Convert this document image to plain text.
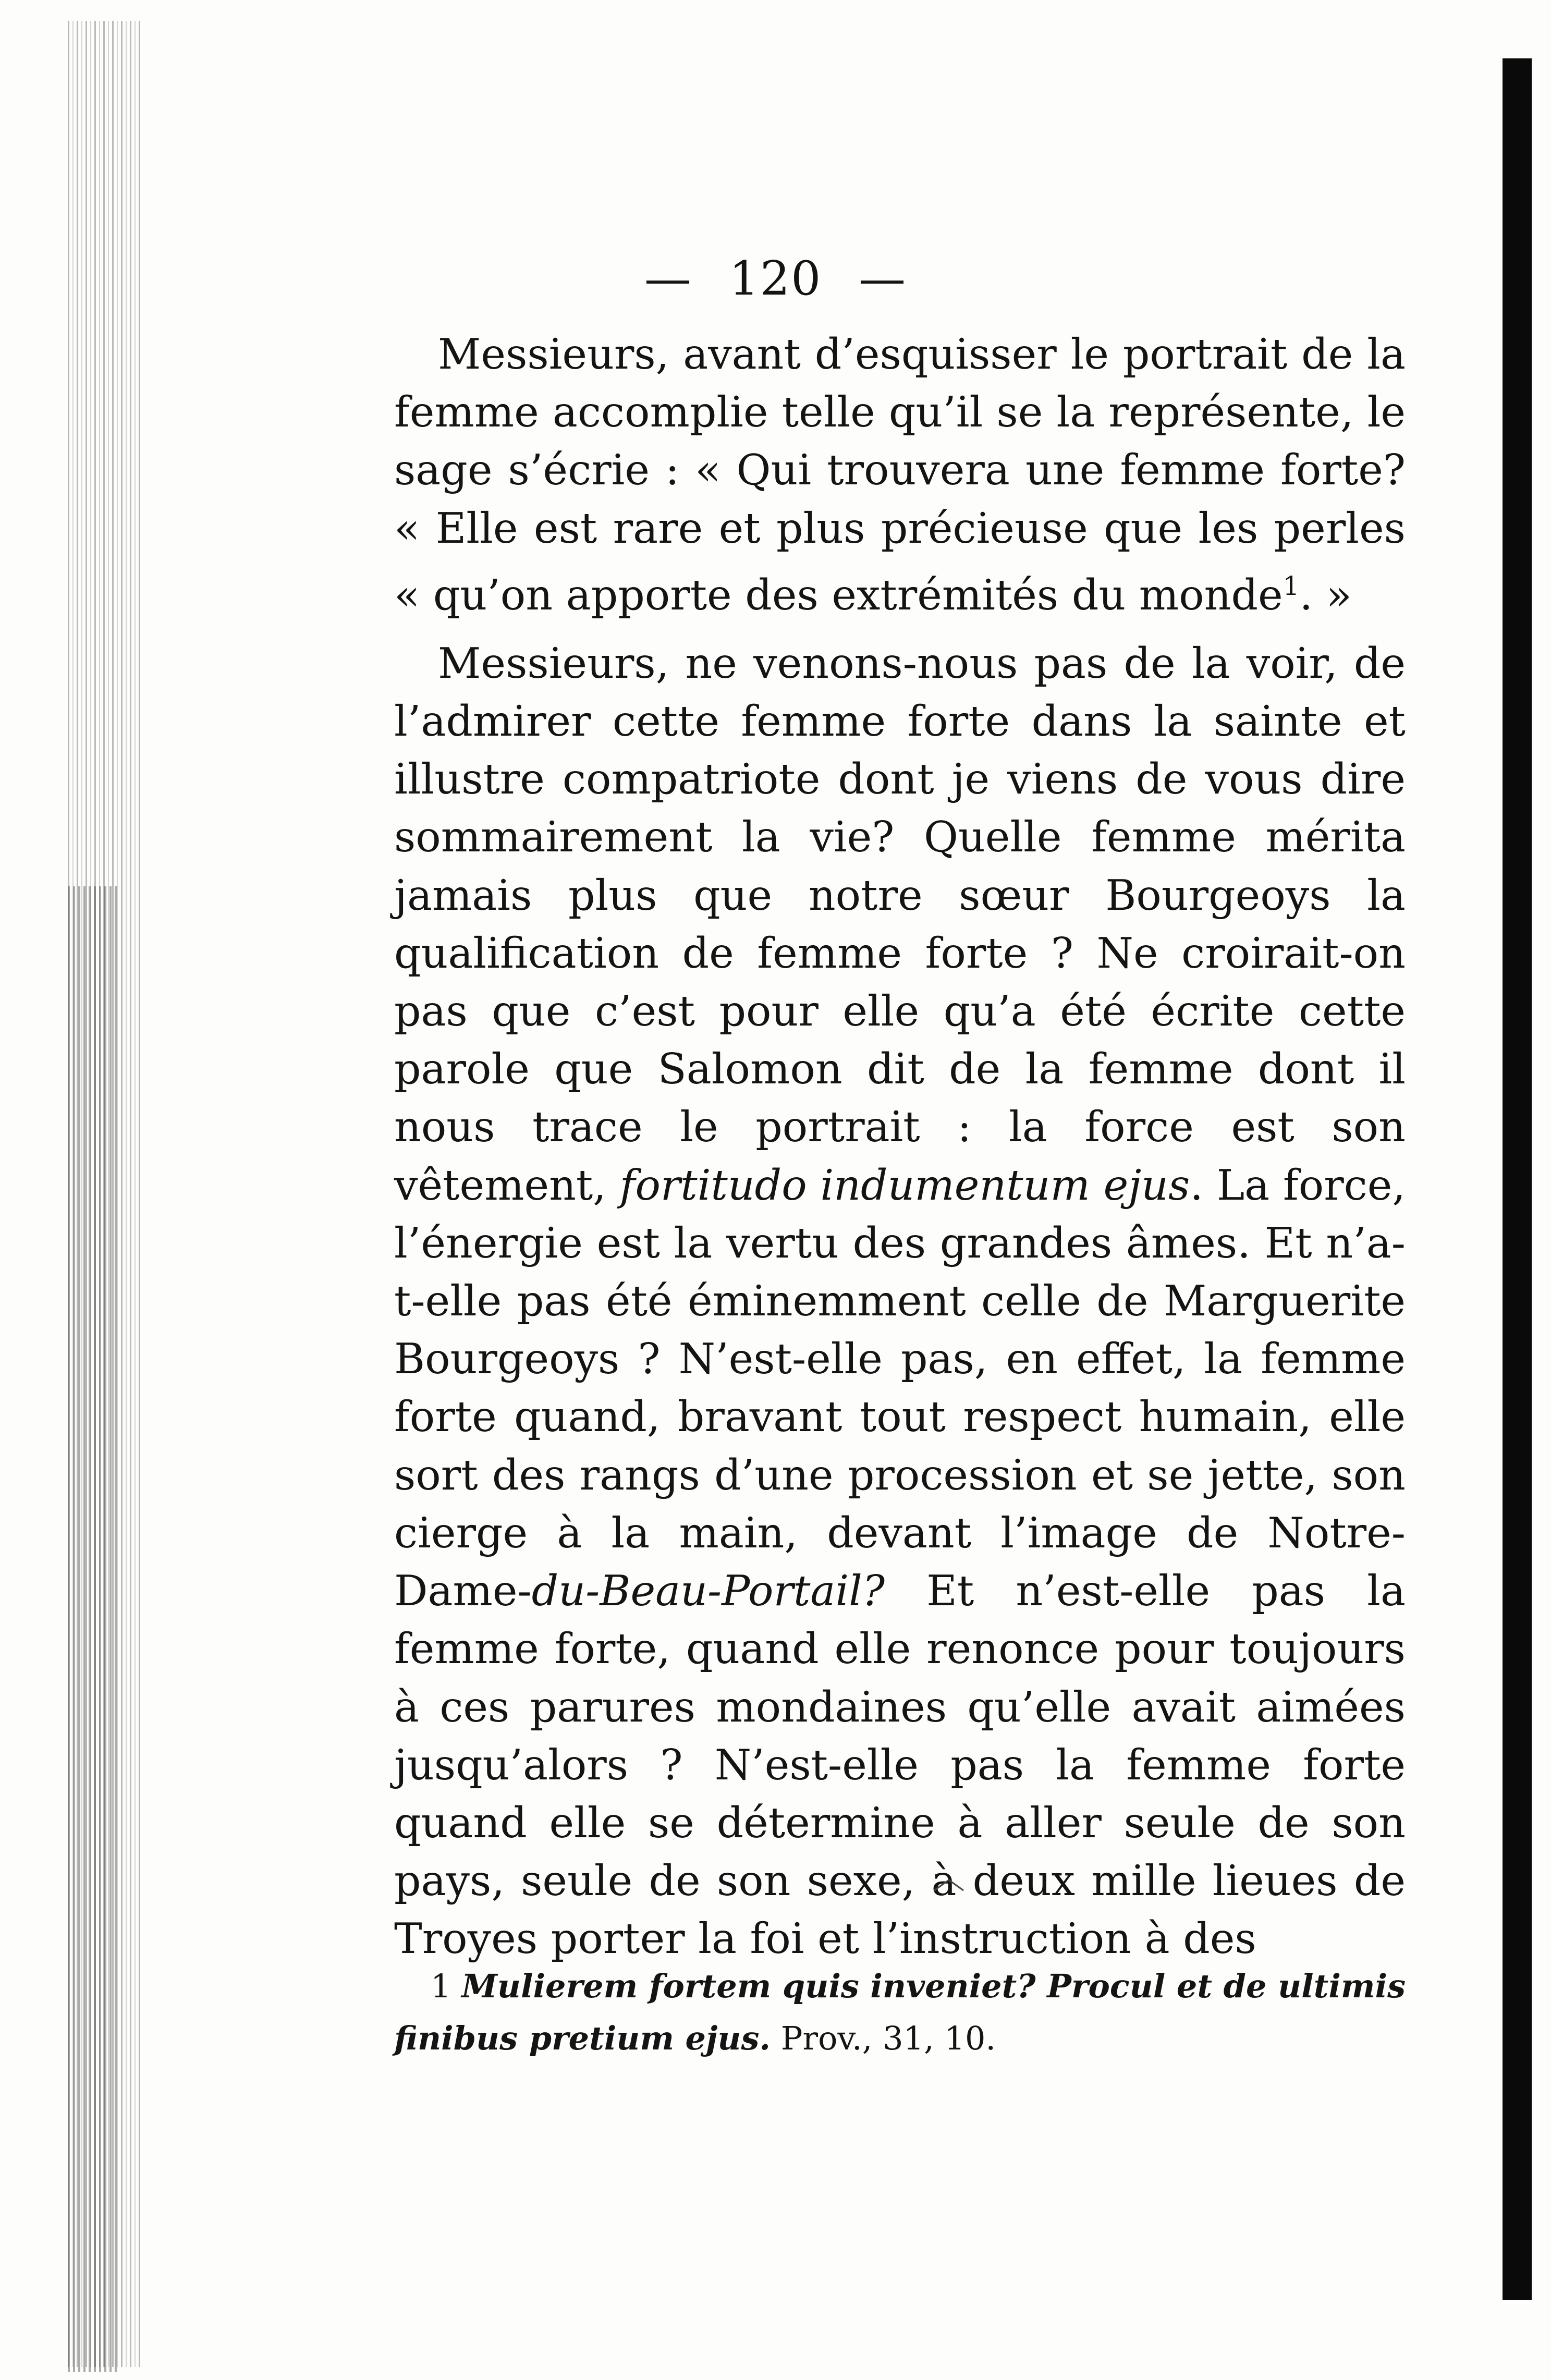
— 120 —

Messieurs, avant d’esquisser le portrait de la femme accomplie telle qu’il se la représente, le sage s’écrie : « Qui trouvera une femme forte? « Elle est rare et plus précieuse que les perles « qu’on apporte des extrémités du monde$^1$. »

Messieurs, ne venons-nous pas de la voir, de l’admirer cette femme forte dans la sainte et illustre compatriote dont je viens de vous dire sommairement la vie? Quelle femme mérita jamais plus que notre sœur Bourgeoys la qualification de femme forte ? Ne croirait-on pas que c’est pour elle qu’a été écrite cette parole que Salomon dit de la femme dont il nous trace le portrait : la force est son vêtement, fortitudo indumentum ejus. La force, l’énergie est la vertu des grandes âmes. Et n’a-t-elle pas été éminemment celle de Marguerite Bourgeoys ? N’est-elle pas, en effet, la femme forte quand, bravant tout respect humain, elle sort des rangs d’une procession et se jette, son cierge à la main, devant l’image de Notre-Dame-du-Beau-Portail? Et n’est-elle pas la femme forte, quand elle renonce pour toujours à ces parures mondaines qu’elle avait aimées jusqu’alors ? N’est-elle pas la femme forte quand elle se détermine à aller seule de son pays, seule de son sexe, à deux mille lieues de Troyes porter la foi et l’instruction à des

1 Mulierem fortem quis inveniet? Procul et de ultimis finibus pretium ejus. Prov., 31, 10.
